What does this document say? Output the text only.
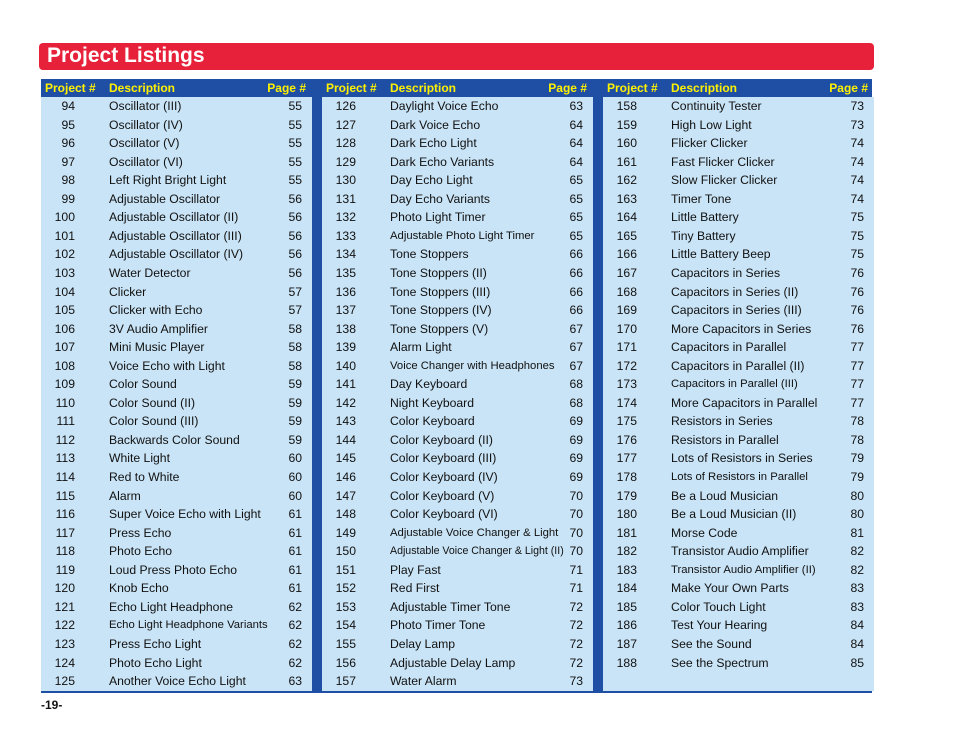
Project Listings
Project # Description	Page #
94	Oscillator (III)	55
95	Oscillator (IV)	55
96	Oscillator (V)	55
97	Oscillator (VI)	55
98	Left Right Bright Light	55
99	Adjustable Oscillator	56
100	Adjustable Oscillator (II)	56
101	Adjustable Oscillator (III)	56
102	Adjustable Oscillator (IV)	56
103	Water Detector	56
104	Clicker	57
105	Clicker with Echo	57
106	3V Audio Amplifier	58
107	Mini Music Player	58
108	Voice Echo with Light	58
109	Color Sound	59
110	Color Sound (II)	59
111	Color Sound (III)	59
112	Backwards Color Sound	59
113	White Light	60
114	Red to White	60
115	Alarm	60
116	Super Voice Echo with Light 61
117	Press Echo	61
118	Photo Echo	61
119	Loud Press Photo Echo	61
120	Knob Echo	61
121	Echo Light Headphone	62
122	Echo Light Headphone Variants 62
123	Press Echo Light	62
124	Photo Echo Light	62
125	Another Voice Echo Light	63
Project # Description	Page #
126	Daylight Voice Echo	63
127	Dark Voice Echo	64
128	Dark Echo Light	64
129	Dark Echo Variants	64
130	Day Echo Light	65
131	Day Echo Variants	65
132	Photo Light Timer	65
133	Adjustable Photo Light Timer	65
134	Tone Stoppers	66
135	Tone Stoppers (II)	66
136	Tone Stoppers (III)	66
137	Tone Stoppers (IV)	66
138	Tone Stoppers (V)	67
139	Alarm Light	67
140	Voice Changer with Headphones 67
141	Day Keyboard	68
142	Night Keyboard	68
143	Color Keyboard	69
144	Color Keyboard (II)	69
145	Color Keyboard (III)	69
146	Color Keyboard (IV)	69
147	Color Keyboard (V)	70
148	Color Keyboard (VI)	70
149	Adjustable Voice Changer & Light 70
150	Adjustable Voice Changer & Light (II) 70
151	Play Fast	71
152	Red First	71
153	Adjustable Timer Tone	72
154	Photo Timer Tone	72
155	Delay Lamp	72
156	Adjustable Delay Lamp	72
157	Water Alarm	73
Project # Description	Page #
158	Continuity Tester	73
159	High Low Light	73
160	Flicker Clicker	74
161	Fast Flicker Clicker	74
162	Slow Flicker Clicker	74
163	Timer Tone	74
164	Little Battery	75
165	Tiny Battery	75
166	Little Battery Beep	75
167	Capacitors in Series	76
168	Capacitors in Series (II)	76
169	Capacitors in Series (III)	76
170	More Capacitors in Series	76
171	Capacitors in Parallel	77
172	Capacitors in Parallel (II)	77
173	Capacitors in Parallel (III)	77
174	More Capacitors in Parallel	77
175	Resistors in Series	78
176	Resistors in Parallel	78
177	Lots of Resistors in Series	79
178	Lots of Resistors in Parallel	79
179	Be a Loud Musician	80
180	Be a Loud Musician (II)	80
181	Morse Code	81
182	Transistor Audio Amplifier	82
183	Transistor Audio Amplifier (II)	82
184	Make Your Own Parts	83
185	Color Touch Light	83
186	Test Your Hearing	84
187	See the Sound	84
188	See the Spectrum	85
-19-
